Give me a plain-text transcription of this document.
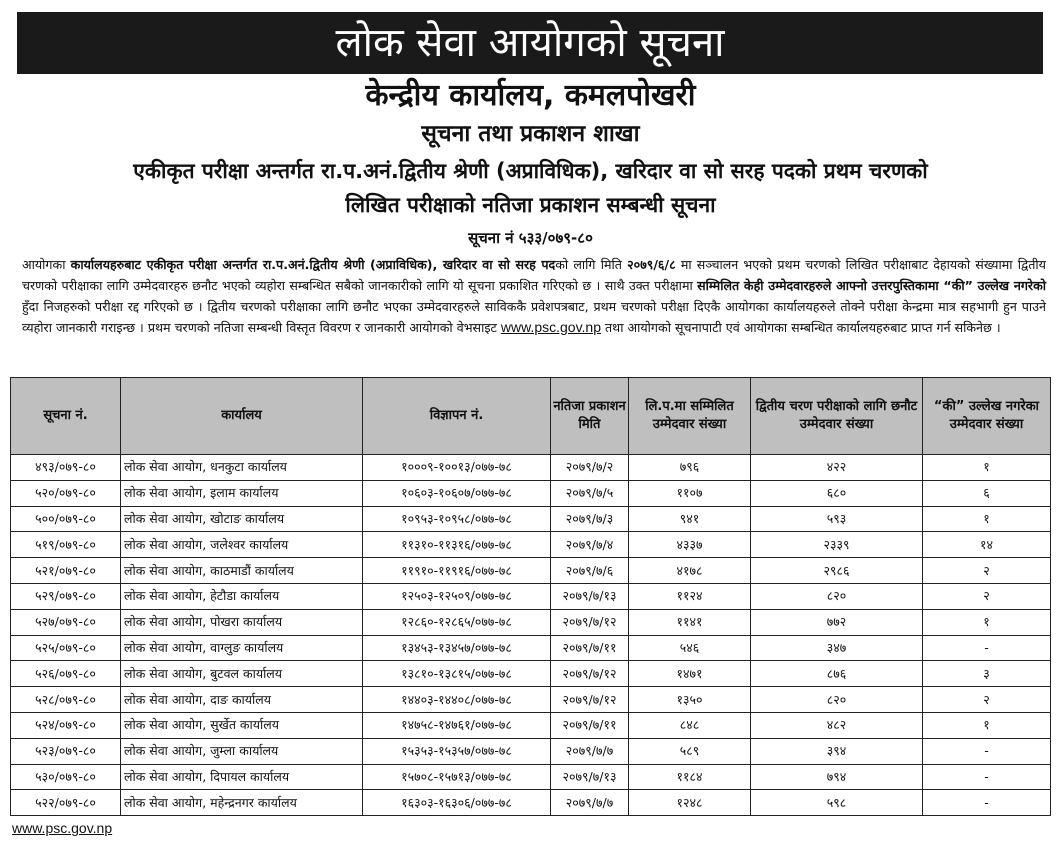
लोक सेवा आयोगको सूचना
केन्द्रीय कार्यालय, कमलपोखरी
सूचना तथा प्रकाशन शाखा
एकीकृत परीक्षा अन्तर्गत रा.प.अनं.द्वितीय श्रेणी (अप्राविधिक), खरिदार वा सो सरह पदको प्रथम चरणको
लिखित परीक्षाको नतिजा प्रकाशन सम्बन्धी सूचना
सूचना नं ५३३/०७९-८०
आयोगका कार्यालयहरुबाट एकीकृत परीक्षा अन्तर्गत रा.प.अनं.द्वितीय श्रेणी (अप्राविधिक), खरिदार वा सो सरह पदको लागि मिति २०७९/६/८ मा सञ्चालन भएको प्रथम चरणको लिखित परीक्षाबाट देहायको संख्यामा द्वितीय चरणको परीक्षाका लागि उम्मेदवारहरु छनौट भएको व्यहोरा सम्बन्धित सबैको जानकारीको लागि यो सूचना प्रकाशित गरिएको छ । साथै उक्त परीक्षामा सम्मिलित केही उम्मेदवारहरुले आफ्नो उत्तरपुस्तिकामा “की” उल्लेख नगरेको हुँदा निजहरुको परीक्षा रद्द गरिएको छ । द्वितीय चरणको परीक्षाका लागि छनौट भएका उम्मेदवारहरुले साविककै प्रवेशपत्रबाट, प्रथम चरणको परीक्षा दिएकै आयोगका कार्यालयहरुले तोक्ने परीक्षा केन्द्रमा मात्र सहभागी हुन पाउने व्यहोरा जानकारी गराइन्छ । प्रथम चरणको नतिजा सम्बन्धी विस्तृत विवरण र जानकारी आयोगको वेभसाइट www.psc.gov.np तथा आयोगको सूचनापाटी एवं आयोगका सम्बन्धित कार्यालयहरुबाट प्राप्त गर्न सकिनेछ ।
सूचना नं.	कार्यालय	विज्ञापन नं.	नतिजा प्रकाशन मिति	लि.प.मा सम्मिलित उम्मेदवार संख्या	द्वितीय चरण परीक्षाको लागि छनौट उम्मेदवार संख्या	“की” उल्लेख नगरेका उम्मेदवार संख्या
४९३/०७९-८०	लोक सेवा आयोग, धनकुटा कार्यालय	१०००९-१००१३/०७७-७८	२०७९/७/२	७९६	४२२	१
५२०/०७९-८०	लोक सेवा आयोग, इलाम कार्यालय	१०६०३-१०६०७/०७७-७८	२०७९/७/५	११०७	६८०	६
५००/०७९-८०	लोक सेवा आयोग, खोटाङ कार्यालय	१०९५३-१०९५८/०७७-७८	२०७९/७/३	९४१	५९३	१
५१९/०७९-८०	लोक सेवा आयोग, जलेश्वर कार्यालय	११३१०-११३१६/०७७-७८	२०७९/७/४	४३३७	२३३९	१४
५२१/०७९-८०	लोक सेवा आयोग, काठमाडौं कार्यालय	११९१०-११९१६/०७७-७८	२०७९/७/६	४१७८	२९८६	२
५२९/०७९-८०	लोक सेवा आयोग, हेटौडा कार्यालय	१२५०३-१२५०९/०७७-७८	२०७९/७/१३	११२४	८२०	२
५२७/०७९-८०	लोक सेवा आयोग, पोखरा कार्यालय	१२८६०-१२८६५/०७७-७८	२०७९/७/१२	११४१	७७२	१
५२५/०७९-८०	लोक सेवा आयोग, वाग्लुङ कार्यालय	१३४५३-१३४५७/०७७-७८	२०७९/७/११	५४६	३४७	-
५२६/०७९-८०	लोक सेवा आयोग, बुटवल कार्यालय	१३८१०-१३८१५/०७७-७८	२०७९/७/१२	१४७१	८७६	३
५२८/०७९-८०	लोक सेवा आयोग, दाङ कार्यालय	१४४०३-१४४०८/०७७-७८	२०७९/७/१२	१३५०	८२०	२
५२४/०७९-८०	लोक सेवा आयोग, सुर्खेत कार्यालय	१४७५८-१४७६१/०७७-७८	२०७९/७/११	८४८	४८२	१
५२३/०७९-८०	लोक सेवा आयोग, जुम्ला कार्यालय	१५३५३-१५३५७/०७७-७८	२०७९/७/७	५८९	३९४	-
५३०/०७९-८०	लोक सेवा आयोग, दिपायल कार्यालय	१५७०८-१५७१३/०७७-७८	२०७९/७/१३	११८४	७९४	-
५२२/०७९-८०	लोक सेवा आयोग, महेन्द्रनगर कार्यालय	१६३०३-१६३०६/०७७-७८	२०७९/७/७	१२४८	५९८	-
www.psc.gov.np
